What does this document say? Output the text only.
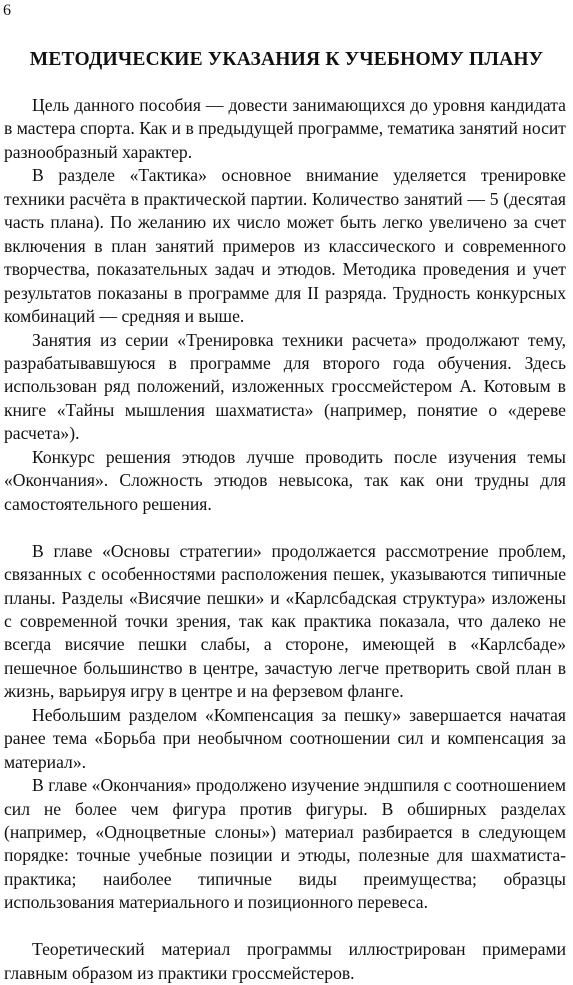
6
МЕТОДИЧЕСКИЕ УКАЗАНИЯ К УЧЕБНОМУ ПЛАНУ

Цель данного пособия — довести занимающихся до уровня кандидата в мастера спорта. Как и в предыдущей программе, тематика занятий носит разнообразный характер.

В разделе «Тактика» основное внимание уделяется тренировке техники расчёта в практической партии. Количество занятий — 5 (десятая часть плана). По желанию их число может быть легко увеличено за счет включения в план занятий примеров из классического и современного творчества, показательных задач и этюдов. Методика проведения и учет результатов показаны в программе для II разряда. Трудность конкурсных комбинаций — средняя и выше.

Занятия из серии «Тренировка техники расчета» продолжают тему, разрабатывавшуюся в программе для второго года обучения. Здесь использован ряд положений, изложенных гроссмейстером А. Котовым в книге «Тайны мышления шахматиста» (например, понятие о «дереве расчета»).

Конкурс решения этюдов лучше проводить после изучения темы «Окончания». Сложность этюдов невысока, так как они трудны для самостоятельного решения.

В главе «Основы стратегии» продолжается рассмотрение проблем, связанных с особенностями расположения пешек, указываются типичные планы. Разделы «Висячие пешки» и «Карлсбадская структура» изложены с современной точки зрения, так как практика показала, что далеко не всегда висячие пешки слабы, а стороне, имеющей в «Карлсбаде» пешечное большинство в центре, зачастую легче претворить свой план в жизнь, варьируя игру в центре и на ферзевом фланге.

Небольшим разделом «Компенсация за пешку» завершается начатая ранее тема «Борьба при необычном соотношении сил и компенсация за материал».

В главе «Окончания» продолжено изучение эндшпиля с соотношением сил не более чем фигура против фигуры. В обширных разделах (например, «Одноцветные слоны») материал разбирается в следующем порядке: точные учебные позиции и этюды, полезные для шахматиста-практика; наиболее типичные виды преимущества; образцы использования материального и позиционного перевеса.

Теоретический материал программы иллюстрирован примерами главным образом из практики гроссмейстеров.
